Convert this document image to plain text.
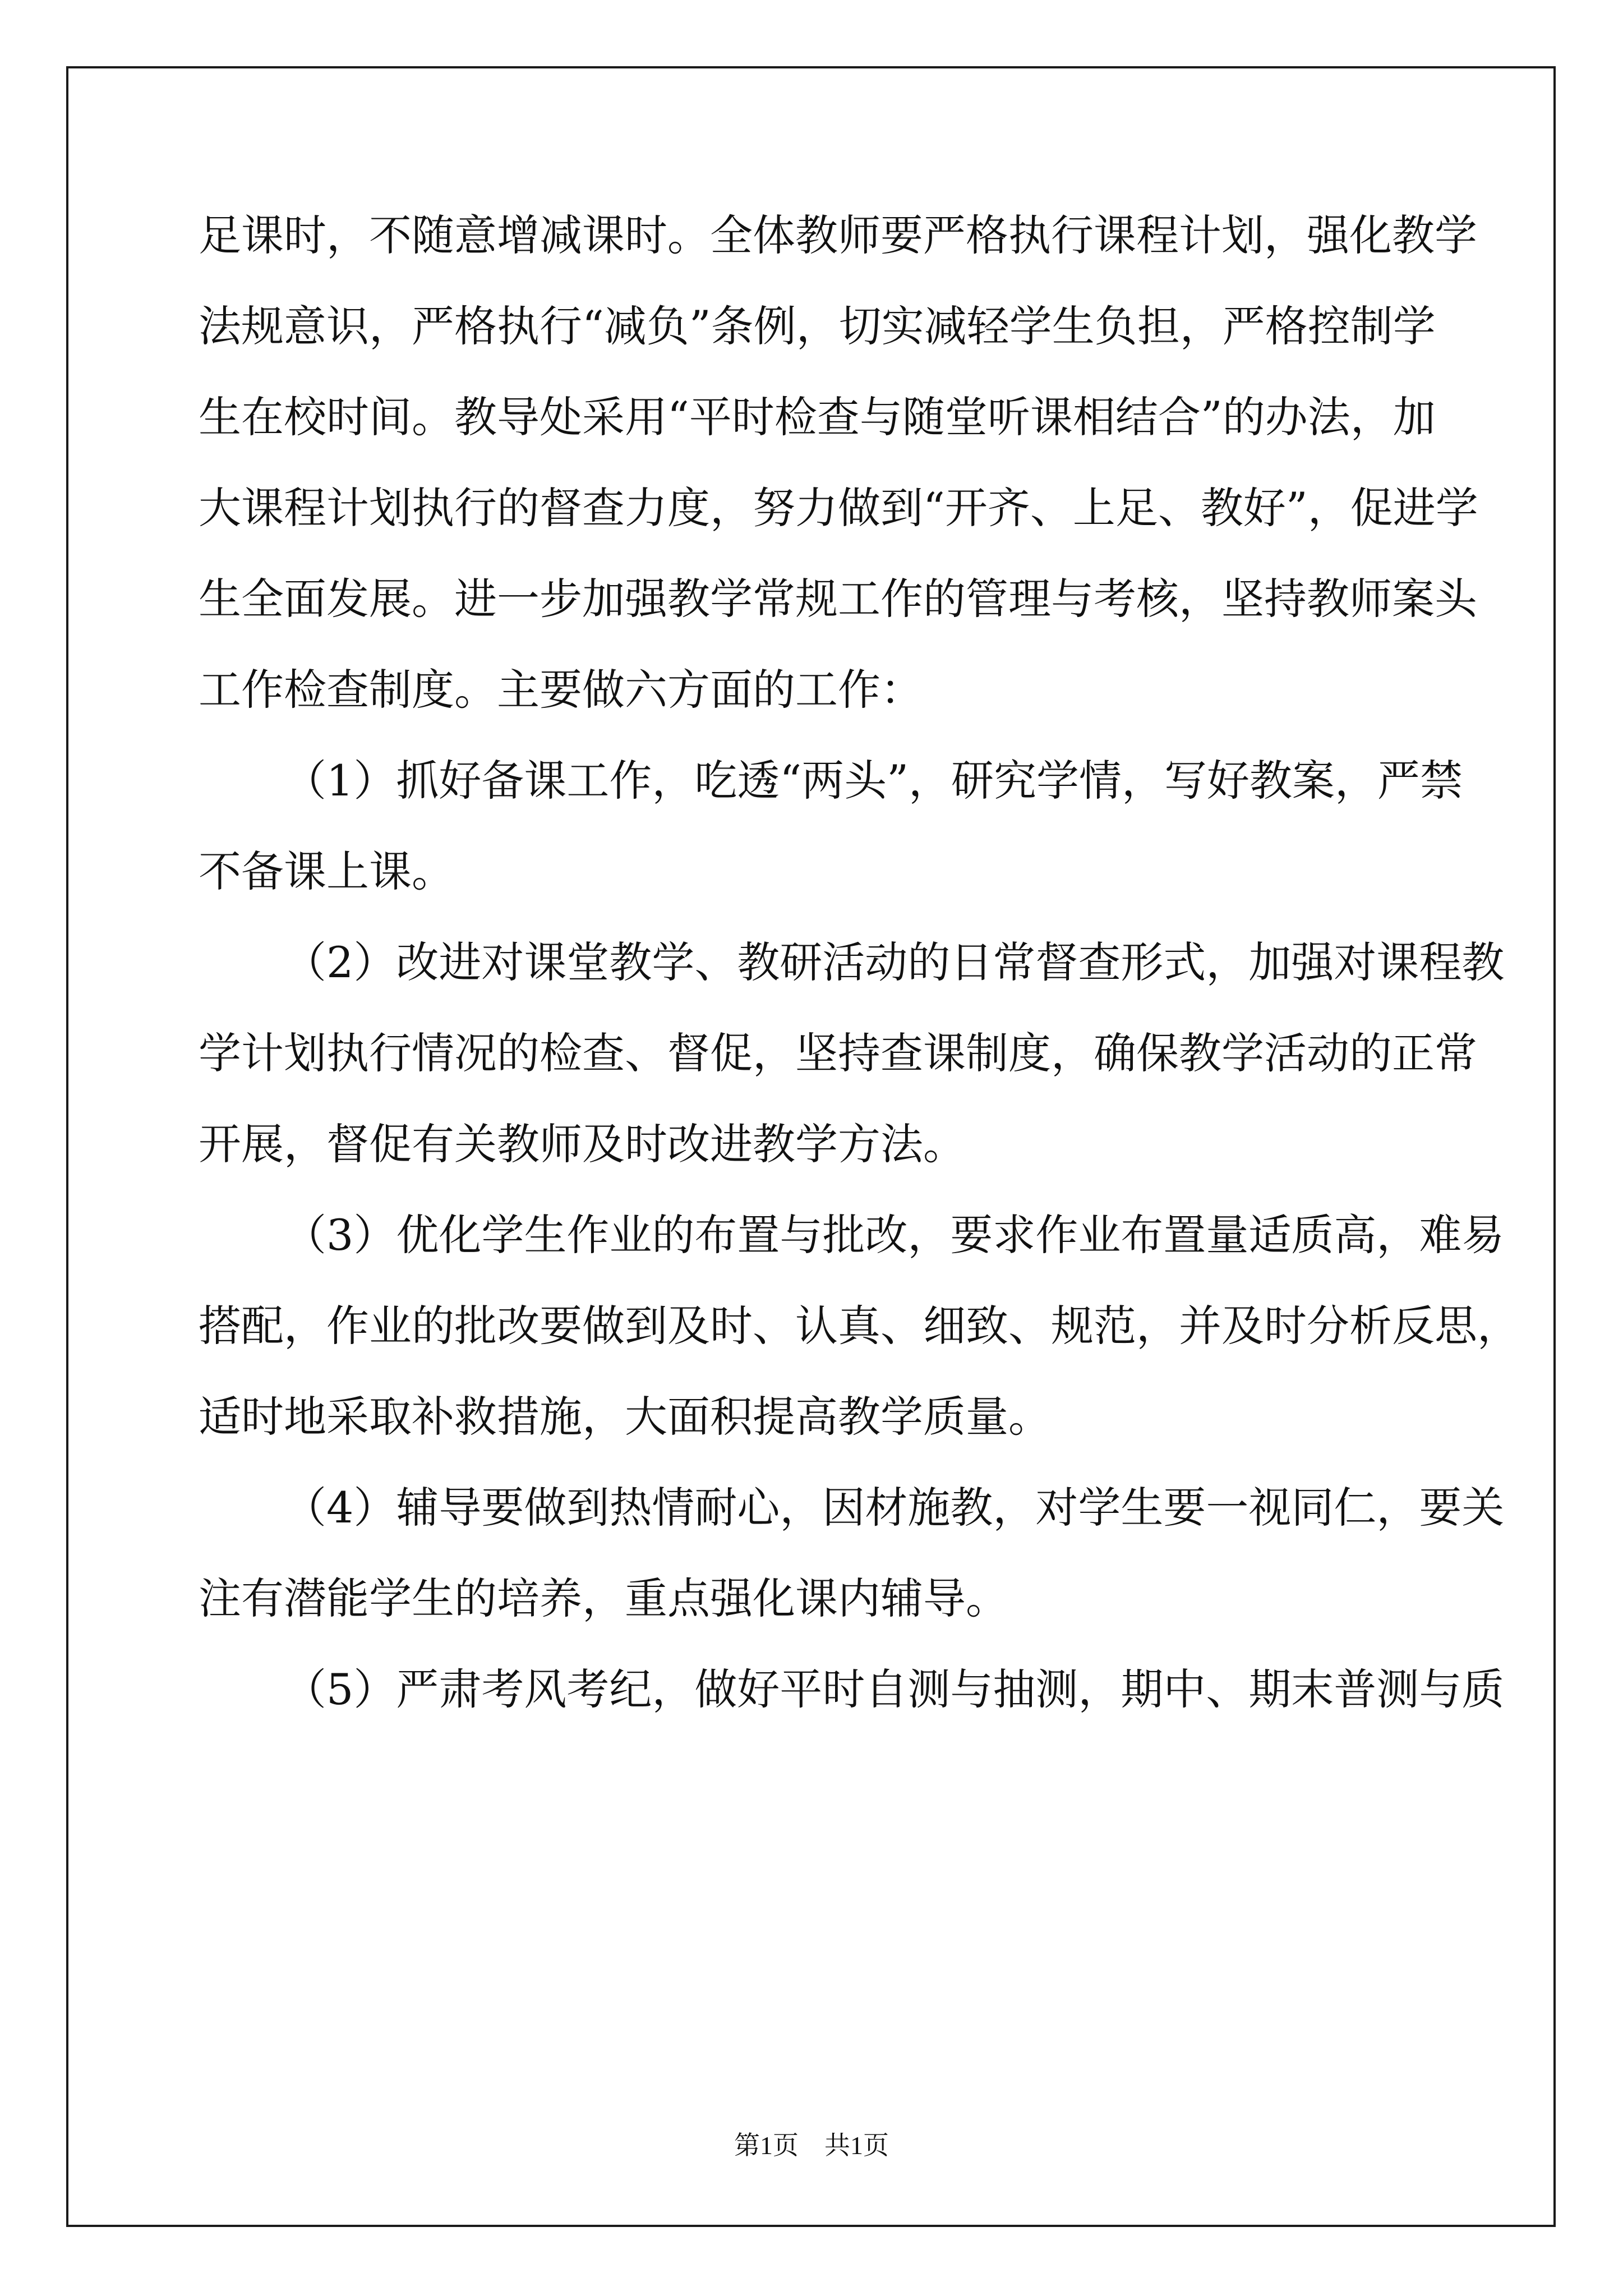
足课时，不随意增减课时。全体教师要严格执行课程计划，强化教学
法规意识，严格执行“减负”条例，切实减轻学生负担，严格控制学
生在校时间。教导处采用“平时检查与随堂听课相结合”的办法，加
大课程计划执行的督查力度，努力做到“开齐、上足、教好”，促进学
生全面发展。进一步加强教学常规工作的管理与考核，坚持教师案头
工作检查制度。主要做六方面的工作：
（1）抓好备课工作，吃透“两头”，研究学情，写好教案，严禁
不备课上课。
（2）改进对课堂教学、教研活动的日常督查形式，加强对课程教
学计划执行情况的检查、督促，坚持查课制度，确保教学活动的正常
开展，督促有关教师及时改进教学方法。
（3）优化学生作业的布置与批改，要求作业布置量适质高，难易
搭配，作业的批改要做到及时、认真、细致、规范，并及时分析反思，
适时地采取补救措施，大面积提高教学质量。
（4）辅导要做到热情耐心，因材施教，对学生要一视同仁，要关
注有潜能学生的培养，重点强化课内辅导。
（5）严肃考风考纪，做好平时自测与抽测，期中、期末普测与质
第1页　共1页
